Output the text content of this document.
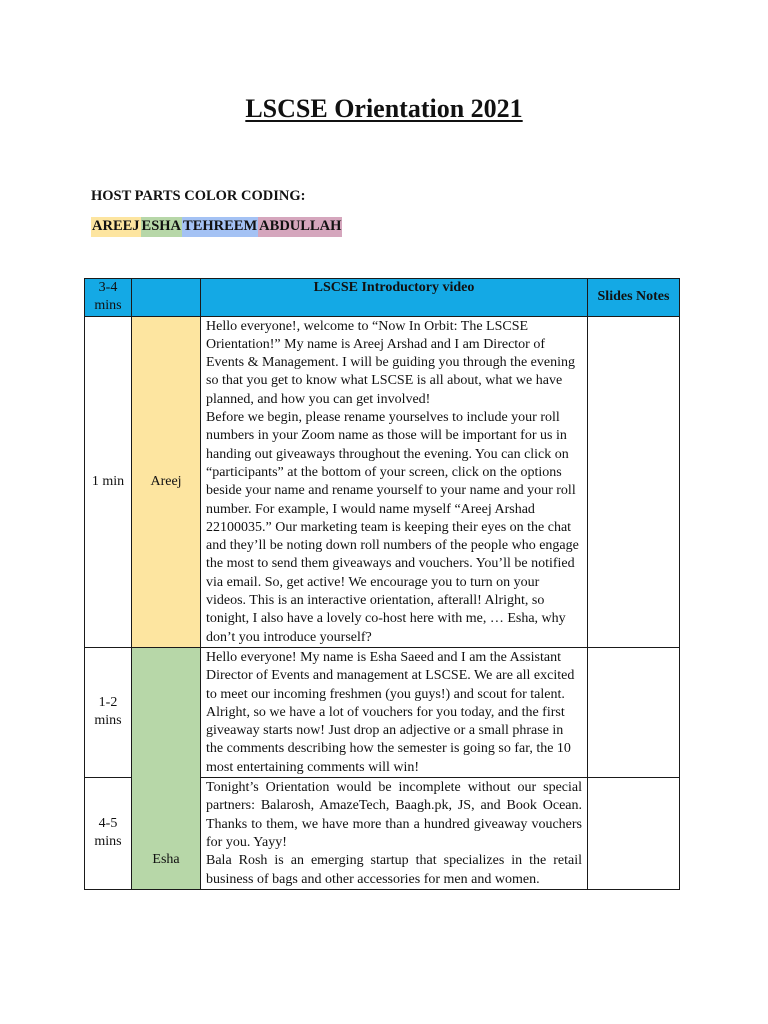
LSCSE Orientation 2021
HOST PARTS COLOR CODING:
AREEJ ESHA TEHREEM ABDULLAH
3-4 mins		LSCSE Introductory video	Slides Notes
1 min	Areej	Hello everyone!, welcome to “Now In Orbit: The LSCSE Orientation!” My name is Areej Arshad and I am Director of Events & Management. I will be guiding you through the evening so that you get to know what LSCSE is all about, what we have planned, and how you can get involved!

Before we begin, please rename yourselves to include your roll numbers in your Zoom name as those will be important for us in handing out giveaways throughout the evening. You can click on “participants” at the bottom of your screen, click on the options beside your name and rename yourself to your name and your roll number. For example, I would name myself “Areej Arshad 22100035.” Our marketing team is keeping their eyes on the chat and they’ll be noting down roll numbers of the people who engage the most to send them giveaways and vouchers. You’ll be notified via email. So, get active! We encourage you to turn on your videos. This is an interactive orientation, afterall! Alright, so tonight, I also have a lovely co-host here with me, … Esha, why don’t you introduce yourself?	

1-2 mins	Esha	Hello everyone! My name is Esha Saeed and I am the Assistant Director of Events and management at LSCSE. We are all excited to meet our incoming freshmen (you guys!) and scout for talent.

Alright, so we have a lot of vouchers for you today, and the first giveaway starts now! Just drop an adjective or a small phrase in the comments describing how the semester is going so far, the 10 most entertaining comments will win!	

4-5 mins		Tonight’s Orientation would be incomplete without our special partners: Balarosh, AmazeTech, Baagh.pk, JS, and Book Ocean. Thanks to them, we have more than a hundred giveaway vouchers for you. Yayy!

Bala Rosh is an emerging startup that specializes in the retail business of bags and other accessories for men and women.	
